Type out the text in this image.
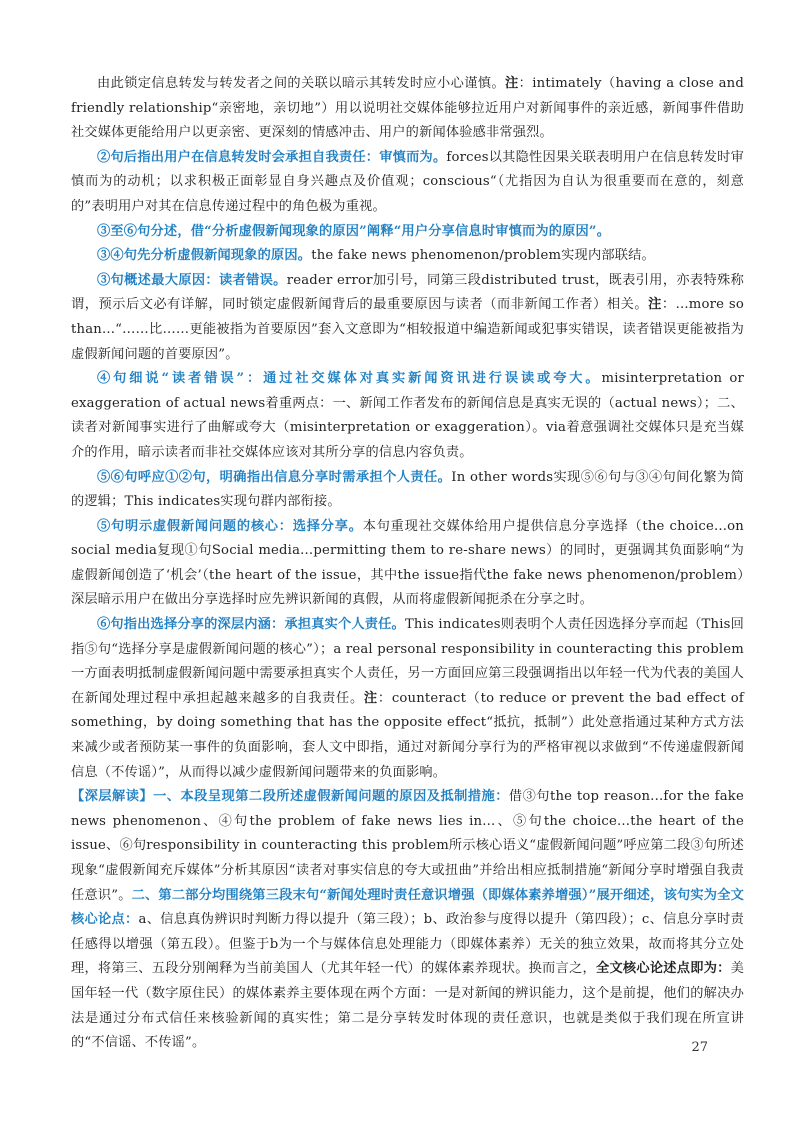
由此锁定信息转发与转发者之间的关联以暗示其转发时应小心谨慎。注：intimately（having a close and friendly relationship“亲密地，亲切地”）用以说明社交媒体能够拉近用户对新闻事件的亲近感，新闻事件借助社交媒体更能给用户以更亲密、更深刻的情感冲击、用户的新闻体验感非常强烈。

②句后指出用户在信息转发时会承担自我责任：审慎而为。forces以其隐性因果关联表明用户在信息转发时审慎而为的动机；以求积极正面彰显自身兴趣点及价值观；conscious“（尤指因为自认为很重要而在意的，刻意的”表明用户对其在信息传递过程中的角色极为重视。

③至⑥句分述，借“分析虚假新闻现象的原因”阐释“用户分享信息时审慎而为的原因”。

③④句先分析虚假新闻现象的原因。the fake news phenomenon/problem实现内部联结。

③句概述最大原因：读者错误。reader error加引号，同第三段distributed trust，既表引用，亦表特殊称谓，预示后文必有详解，同时锁定虚假新闻背后的最重要原因与读者（而非新闻工作者）相关。注：...more so than...“……比……更能被指为首要原因”套入文意即为“相较报道中编造新闻或犯事实错误，读者错误更能被指为虚假新闻问题的首要原因”。

④句细说“读者错误”：通过社交媒体对真实新闻资讯进行误读或夸大。misinterpretation or exaggeration of actual news着重两点：一、新闻工作者发布的新闻信息是真实无误的（actual news）；二、读者对新闻事实进行了曲解或夸大（misinterpretation or exaggeration）。via着意强调社交媒体只是充当媒介的作用，暗示读者而非社交媒体应该对其所分享的信息内容负责。

⑤⑥句呼应①②句，明确指出信息分享时需承担个人责任。In other words实现⑤⑥句与③④句间化繁为简的逻辑；This indicates实现句群内部衔接。

⑤句明示虚假新闻问题的核心：选择分享。本句重现社交媒体给用户提供信息分享选择（the choice...on social media复现①句Social media...permitting them to re-share news）的同时，更强调其负面影响“为虚假新闻创造了‘机会’（the heart of the issue，其中the issue指代the fake news phenomenon/problem）深层暗示用户在做出分享选择时应先辨识新闻的真假，从而将虚假新闻扼杀在分享之时。

⑥句指出选择分享的深层内涵：承担真实个人责任。This indicates则表明个人责任因选择分享而起（This回指⑤句“选择分享是虚假新闻问题的核心”）；a real personal responsibility in counteracting this problem一方面表明抵制虚假新闻问题中需要承担真实个人责任，另一方面回应第三段强调指出以年轻一代为代表的美国人在新闻处理过程中承担起越来越多的自我责任。注：counteract（to reduce or prevent the bad effect of something，by doing something that has the opposite effect“抵抗，抵制”）此处意指通过某种方式方法来减少或者预防某一事件的负面影响，套人文中即指，通过对新闻分享行为的严格审视以求做到“不传递虚假新闻信息（不传谣）”，从而得以减少虚假新闻问题带来的负面影响。

【深层解读】一、本段呈现第二段所述虚假新闻问题的原因及抵制措施：借③句the top reason...for the fake news phenomenon、④句the problem of fake news lies in...、⑤句the choice...the heart of the issue、⑥句responsibility in counteracting this problem所示核心语义“虚假新闻问题”呼应第二段③句所述现象“虚假新闻充斥媒体”分析其原因“读者对事实信息的夸大或扭曲”并给出相应抵制措施“新闻分享时增强自我责任意识”。二、第二部分均围绕第三段末句“新闻处理时责任意识增强（即媒体素养增强）”展开细述，该句实为全文核心论点：a、信息真伪辨识时判断力得以提升（第三段）；b、政治参与度得以提升（第四段）；c、信息分享时责任感得以增强（第五段）。但鉴于b为一个与媒体信息处理能力（即媒体素养）无关的独立效果，故而将其分立处理，将第三、五段分别阐释为当前美国人（尤其年轻一代）的媒体素养现状。换而言之，全文核心论述点即为：美国年轻一代（数字原住民）的媒体素养主要体现在两个方面：一是对新闻的辨识能力，这个是前提，他们的解决办法是通过分布式信任来核验新闻的真实性；第二是分享转发时体现的责任意识，也就是类似于我们现在所宣讲的“不信谣、不传谣”。	27
